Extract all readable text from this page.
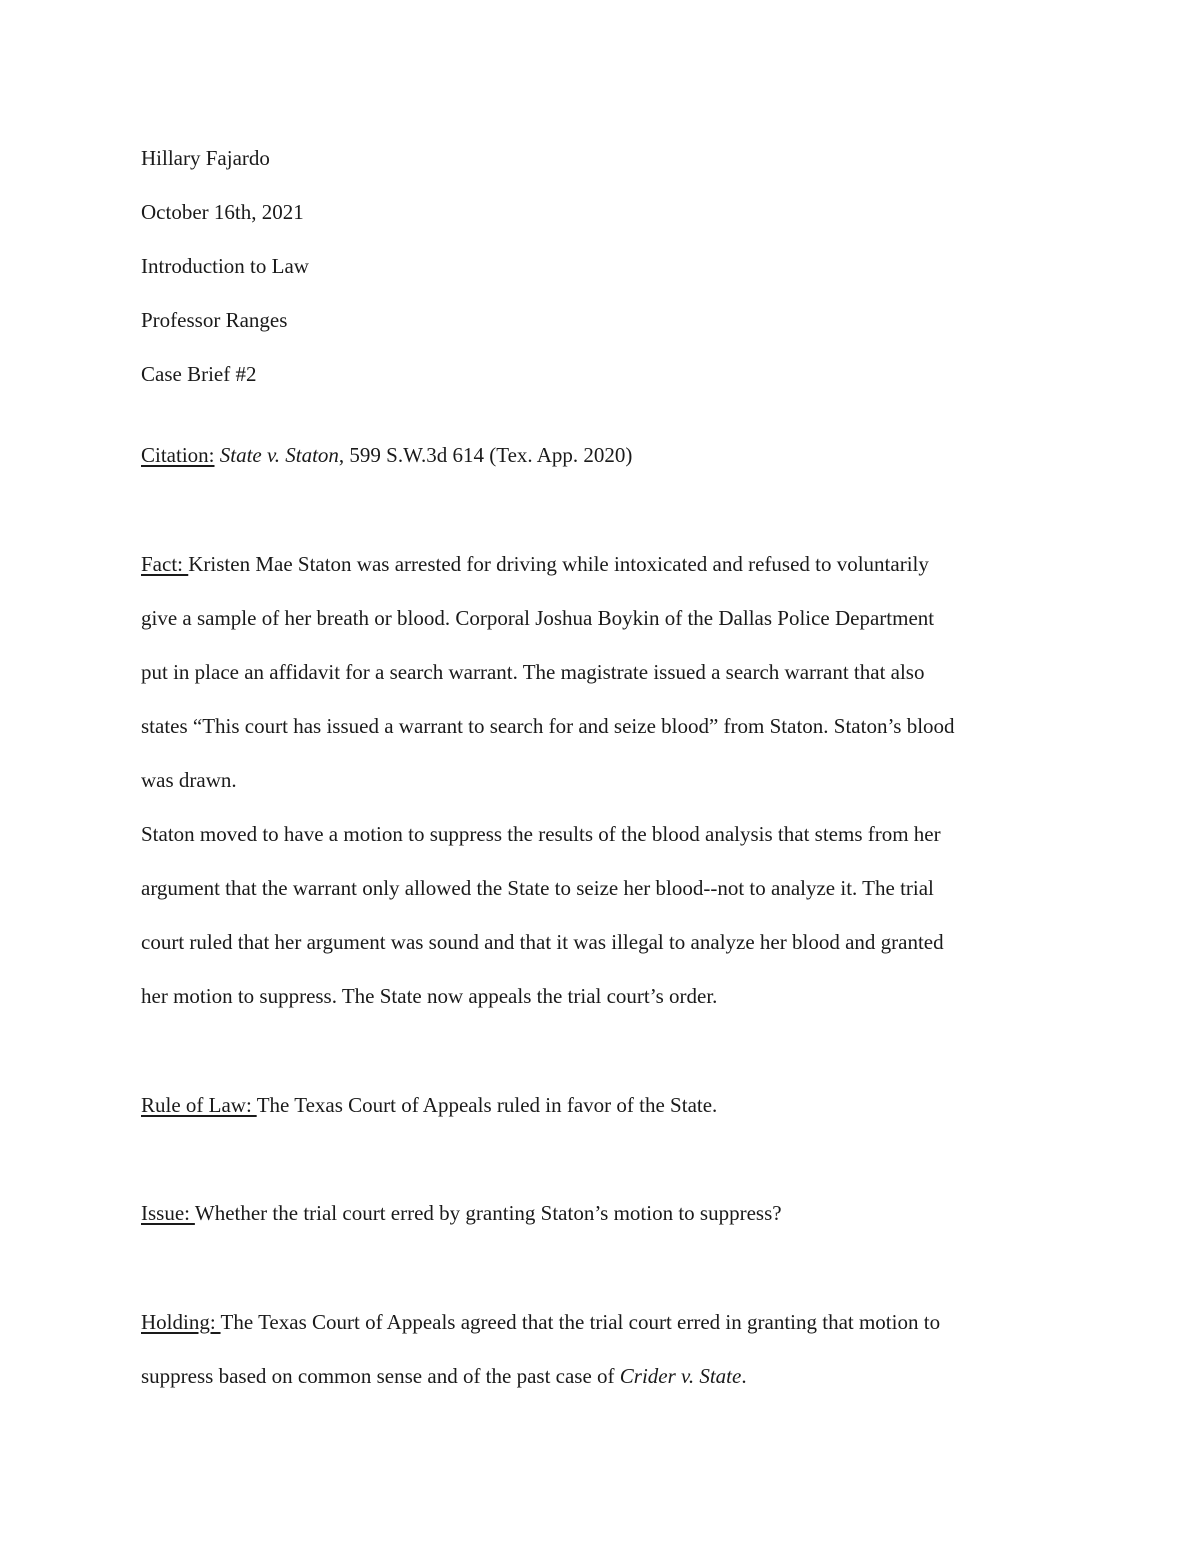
Hillary Fajardo
October 16th, 2021
Introduction to Law
Professor Ranges
Case Brief #2
Citation: State v. Staton, 599 S.W.3d 614 (Tex. App. 2020)
Fact: Kristen Mae Staton was arrested for driving while intoxicated and refused to voluntarily
give a sample of her breath or blood. Corporal Joshua Boykin of the Dallas Police Department
put in place an affidavit for a search warrant. The magistrate issued a search warrant that also
states “This court has issued a warrant to search for and seize blood” from Staton. Staton’s blood
was drawn.
Staton moved to have a motion to suppress the results of the blood analysis that stems from her
argument that the warrant only allowed the State to seize her blood--not to analyze it. The trial
court ruled that her argument was sound and that it was illegal to analyze her blood and granted
her motion to suppress. The State now appeals the trial court’s order.
Rule of Law: The Texas Court of Appeals ruled in favor of the State.
Issue: Whether the trial court erred by granting Staton’s motion to suppress?
Holding: The Texas Court of Appeals agreed that the trial court erred in granting that motion to
suppress based on common sense and of the past case of Crider v. State.
